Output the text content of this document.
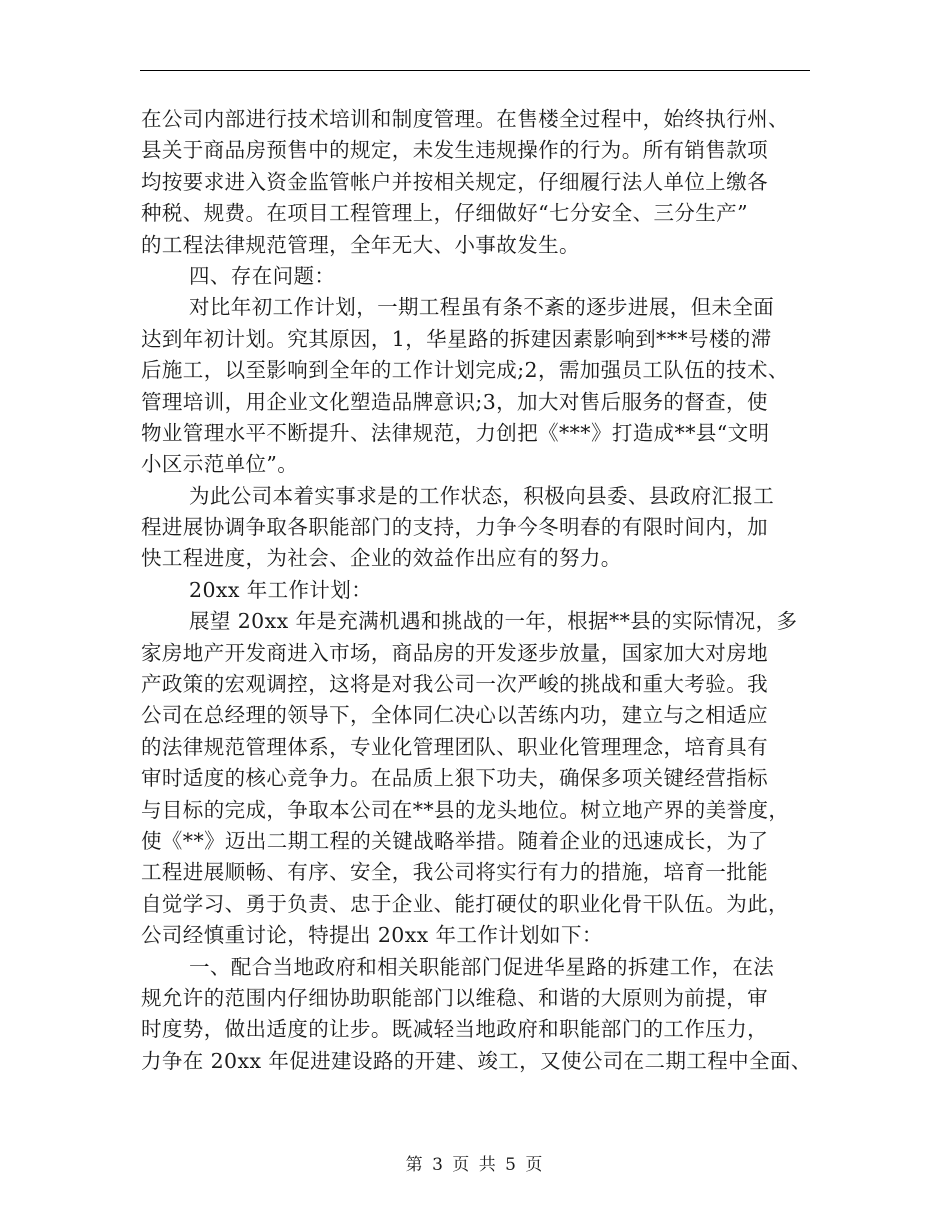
在公司内部进行技术培训和制度管理。在售楼全过程中，始终执行州、
县关于商品房预售中的规定，未发生违规操作的行为。所有销售款项
均按要求进入资金监管帐户并按相关规定，仔细履行法人单位上缴各
种税、规费。在项目工程管理上，仔细做好“七分安全、三分生产”
的工程法律规范管理，全年无大、小事故发生。
四、存在问题：
对比年初工作计划，一期工程虽有条不紊的逐步进展，但未全面
达到年初计划。究其原因，1，华星路的拆建因素影响到***号楼的滞
后施工，以至影响到全年的工作计划完成;2，需加强员工队伍的技术、
管理培训，用企业文化塑造品牌意识;3，加大对售后服务的督查，使
物业管理水平不断提升、法律规范，力创把《***》打造成**县“文明
小区示范单位”。
为此公司本着实事求是的工作状态，积极向县委、县政府汇报工
程进展协调争取各职能部门的支持，力争今冬明春的有限时间内，加
快工程进度，为社会、企业的效益作出应有的努力。
20xx 年工作计划：
展望 20xx 年是充满机遇和挑战的一年，根据**县的实际情况，多
家房地产开发商进入市场，商品房的开发逐步放量，国家加大对房地
产政策的宏观调控，这将是对我公司一次严峻的挑战和重大考验。我
公司在总经理的领导下，全体同仁决心以苦练内功，建立与之相适应
的法律规范管理体系，专业化管理团队、职业化管理理念，培育具有
审时适度的核心竞争力。在品质上狠下功夫，确保多项关键经营指标
与目标的完成，争取本公司在**县的龙头地位。树立地产界的美誉度，
使《**》迈出二期工程的关键战略举措。随着企业的迅速成长，为了
工程进展顺畅、有序、安全，我公司将实行有力的措施，培育一批能
自觉学习、勇于负责、忠于企业、能打硬仗的职业化骨干队伍。为此，
公司经慎重讨论，特提出 20xx 年工作计划如下：
一、配合当地政府和相关职能部门促进华星路的拆建工作，在法
规允许的范围内仔细协助职能部门以维稳、和谐的大原则为前提，审
时度势，做出适度的让步。既减轻当地政府和职能部门的工作压力，
力争在 20xx 年促进建设路的开建、竣工，又使公司在二期工程中全面、
第 3 页 共 5 页
